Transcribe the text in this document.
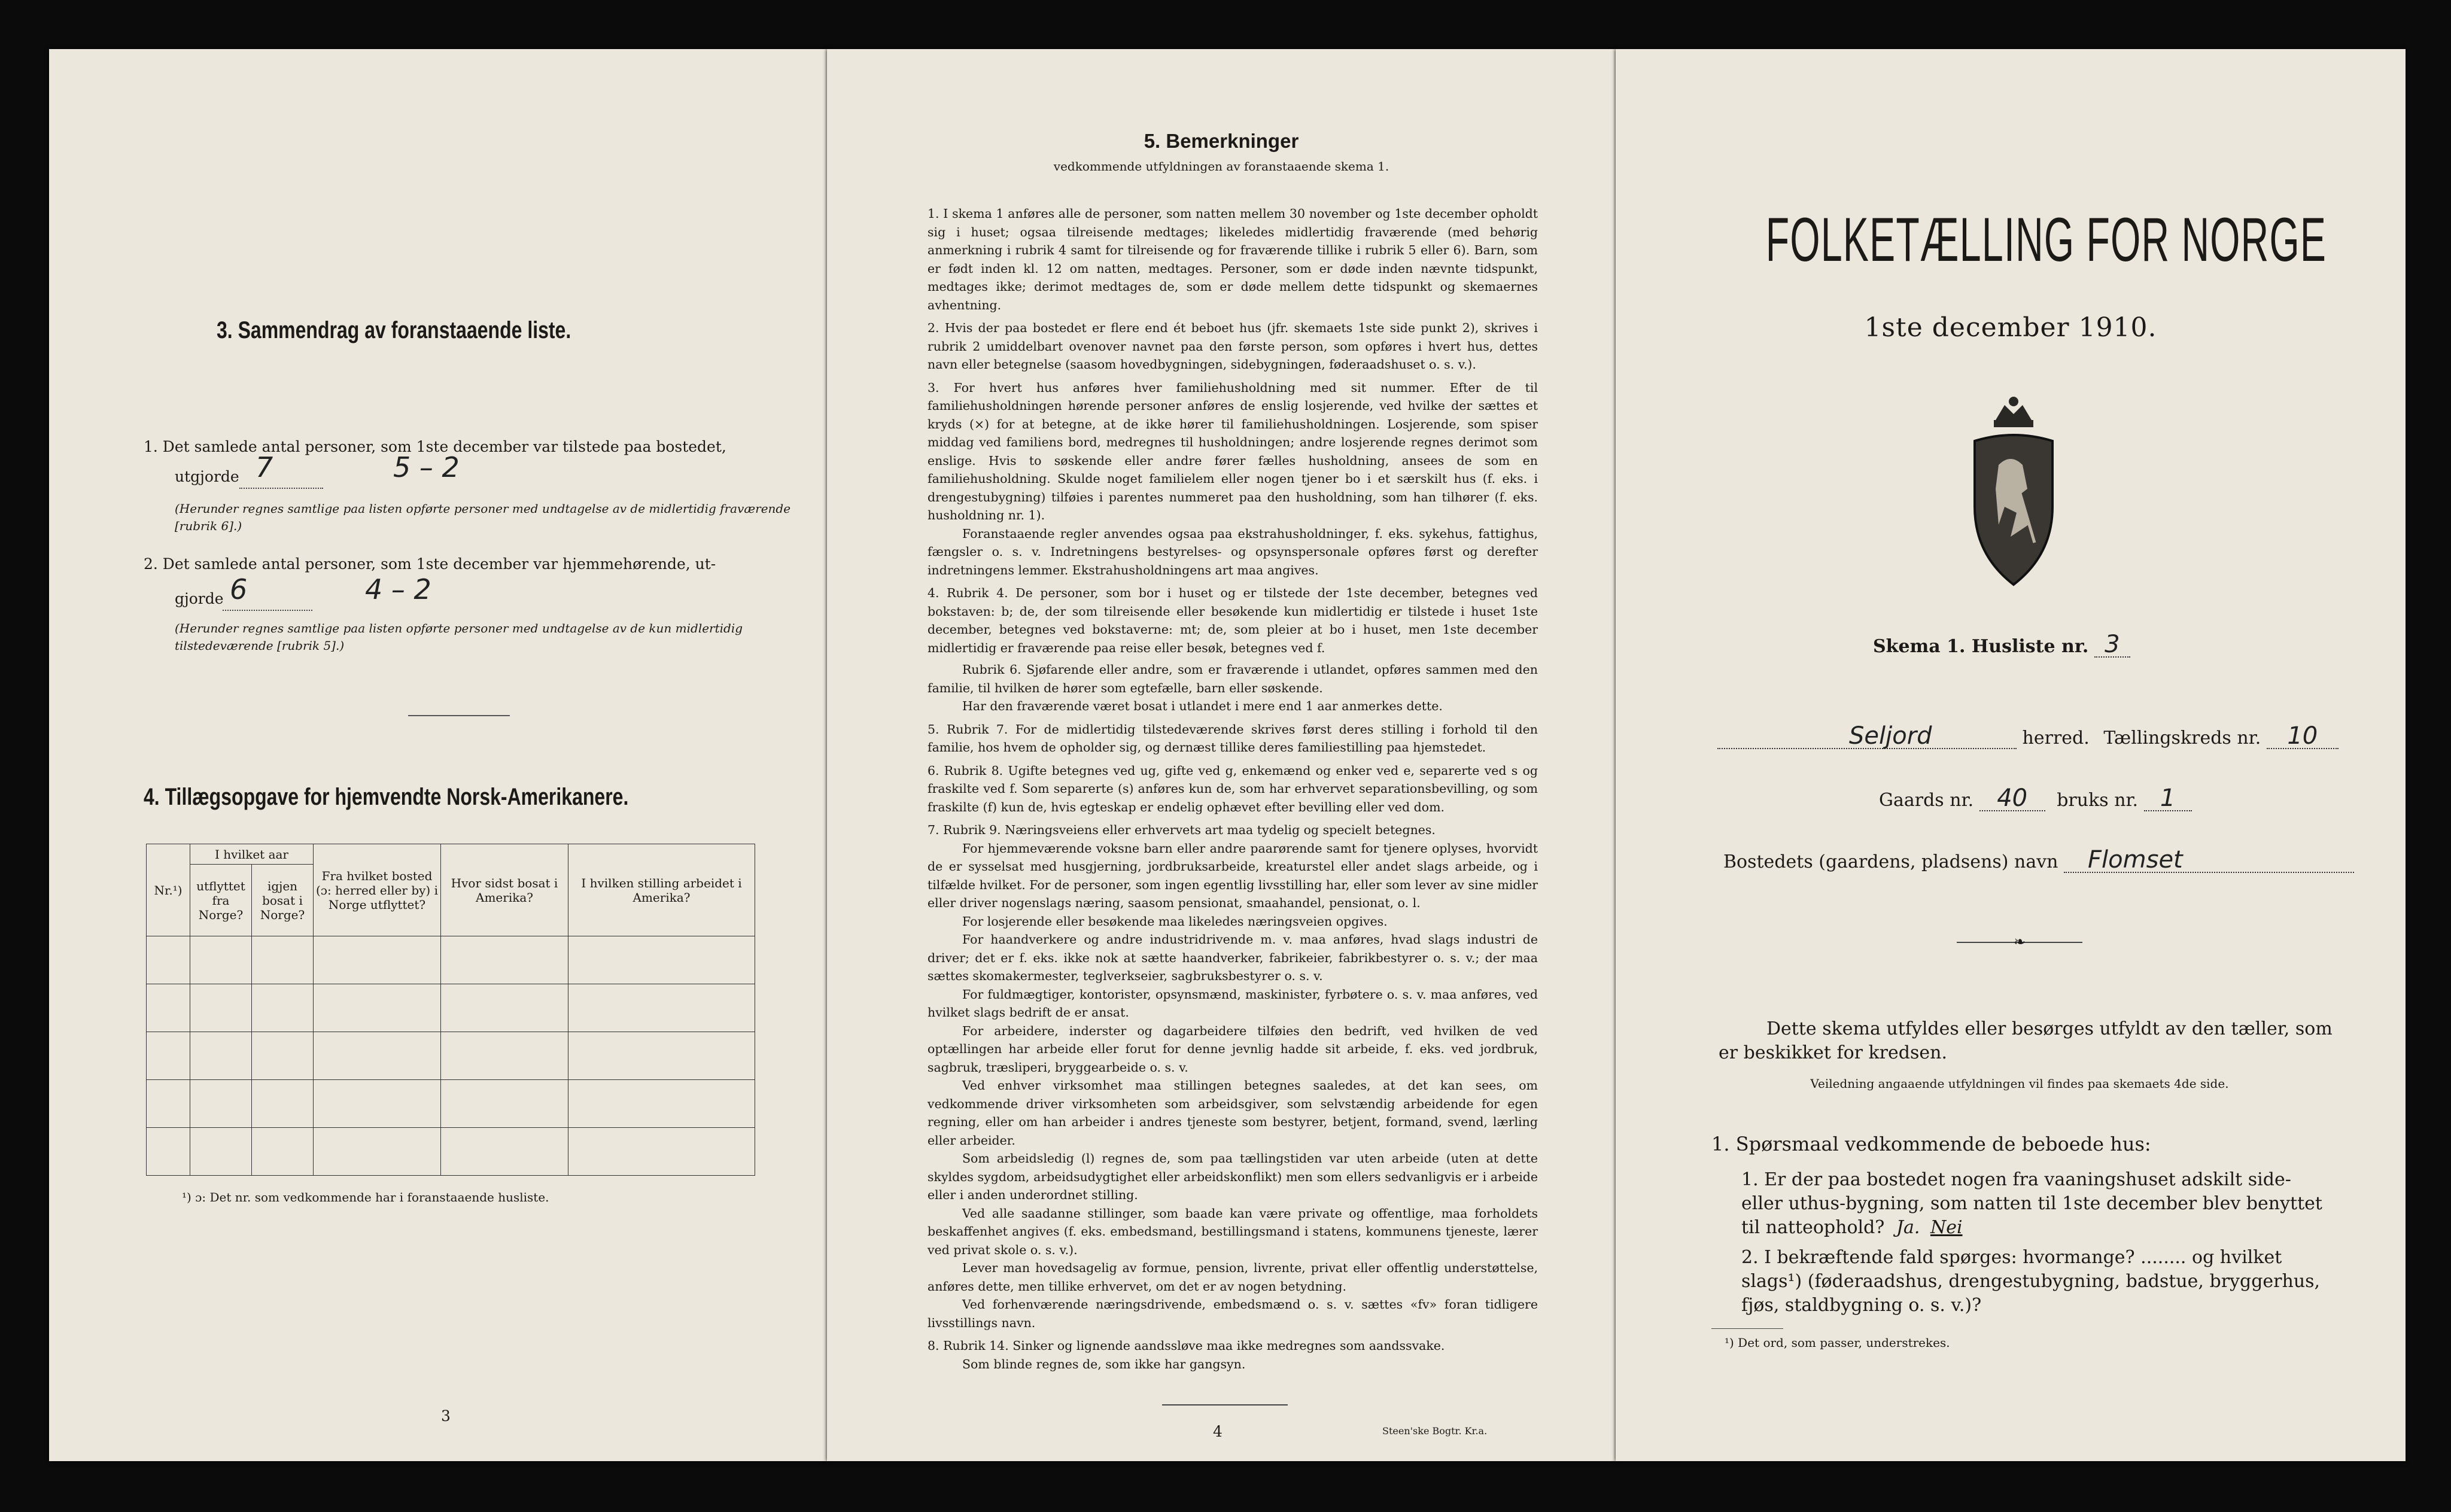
3. Sammendrag av foranstaaende liste.
1. Det samlede antal personer, som 1ste december var tilstede paa bostedet,
utgjorde 7	5 – 2
(Herunder regnes samtlige paa listen opførte personer med undtagelse av de midlertidig fraværende [rubrik 6].)
2. Det samlede antal personer, som 1ste december var hjemmehørende, ut-
gjorde 6	4 – 2
(Herunder regnes samtlige paa listen opførte personer med undtagelse av de kun midlertidig tilstedeværende [rubrik 5].)
4. Tillægsopgave for hjemvendte Norsk-Amerikanere.
Nr.¹)	I hvilket aar		Fra hvilket bosted (ɔ: herred eller by) i Norge utflyttet?	Hvor sidst bosat i Amerika?	I hvilken stilling arbeidet i Amerika?
	utflyttet fra Norge?	igjen bosat i Norge?			

¹) ɔ: Det nr. som vedkommende har i foranstaaende husliste.
3
5. Bemerkninger
vedkommende utfyldningen av foranstaaende skema 1.

1. I skema 1 anføres alle de personer, som natten mellem 30 november og 1ste december opholdt sig i huset; ogsaa tilreisende medtages; likeledes midlertidig fraværende (med behørig anmerkning i rubrik 4 samt for tilreisende og for fraværende tillike i rubrik 5 eller 6). Barn, som er født inden kl. 12 om natten, medtages. Personer, som er døde inden nævnte tidspunkt, medtages ikke; derimot medtages de, som er døde mellem dette tidspunkt og skemaernes avhentning.

2. Hvis der paa bostedet er flere end ét beboet hus (jfr. skemaets 1ste side punkt 2), skrives i rubrik 2 umiddelbart ovenover navnet paa den første person, som opføres i hvert hus, dettes navn eller betegnelse (saasom hovedbygningen, sidebygningen, føderaadshuset o. s. v.).

3. For hvert hus anføres hver familiehusholdning med sit nummer. Efter de til familiehusholdningen hørende personer anføres de enslig losjerende, ved hvilke der sættes et kryds (×) for at betegne, at de ikke hører til familiehusholdningen. Losjerende, som spiser middag ved familiens bord, medregnes til husholdningen; andre losjerende regnes derimot som enslige. Hvis to søskende eller andre fører fælles husholdning, ansees de som en familiehusholdning. Skulde noget familielem eller nogen tjener bo i et særskilt hus (f. eks. i drengestubygning) tilføies i parentes nummeret paa den husholdning, som han tilhører (f. eks. husholdning nr. 1).

Foranstaaende regler anvendes ogsaa paa ekstrahusholdninger, f. eks. sykehus, fattighus, fængsler o. s. v. Indretningens bestyrelses- og opsynspersonale opføres først og derefter indretningens lemmer. Ekstrahusholdningens art maa angives.

4. Rubrik 4. De personer, som bor i huset og er tilstede der 1ste december, betegnes ved bokstaven: b; de, der som tilreisende eller besøkende kun midlertidig er tilstede i huset 1ste december, betegnes ved bokstaverne: mt; de, som pleier at bo i huset, men 1ste december midlertidig er fraværende paa reise eller besøk, betegnes ved f.

Rubrik 6. Sjøfarende eller andre, som er fraværende i utlandet, opføres sammen med den familie, til hvilken de hører som egtefælle, barn eller søskende.

Har den fraværende været bosat i utlandet i mere end 1 aar anmerkes dette.

5. Rubrik 7. For de midlertidig tilstedeværende skrives først deres stilling i forhold til den familie, hos hvem de opholder sig, og dernæst tillike deres familiestilling paa hjemstedet.

6. Rubrik 8. Ugifte betegnes ved ug, gifte ved g, enkemænd og enker ved e, separerte ved s og fraskilte ved f. Som separerte (s) anføres kun de, som har erhvervet separationsbevilling, og som fraskilte (f) kun de, hvis egteskap er endelig ophævet efter bevilling eller ved dom.

7. Rubrik 9. Næringsveiens eller erhvervets art maa tydelig og specielt betegnes.

For hjemmeværende voksne barn eller andre paarørende samt for tjenere oplyses, hvorvidt de er sysselsat med husgjerning, jordbruksarbeide, kreaturstel eller andet slags arbeide, og i tilfælde hvilket. For de personer, som ingen egentlig livsstilling har, eller som lever av sine midler eller driver nogenslags næring, saasom pensionat, smaahandel, pensionat, o. l.

For losjerende eller besøkende maa likeledes næringsveien opgives.

For haandverkere og andre industridrivende m. v. maa anføres, hvad slags industri de driver; det er f. eks. ikke nok at sætte haandverker, fabrikeier, fabrikbestyrer o. s. v.; der maa sættes skomakermester, teglverkseier, sagbruksbestyrer o. s. v.

For fuldmægtiger, kontorister, opsynsmænd, maskinister, fyrbøtere o. s. v. maa anføres, ved hvilket slags bedrift de er ansat.

For arbeidere, inderster og dagarbeidere tilføies den bedrift, ved hvilken de ved optællingen har arbeide eller forut for denne jevnlig hadde sit arbeide, f. eks. ved jordbruk, sagbruk, træsliperi, bryggearbeide o. s. v.

Ved enhver virksomhet maa stillingen betegnes saaledes, at det kan sees, om vedkommende driver virksomheten som arbeidsgiver, som selvstændig arbeidende for egen regning, eller om han arbeider i andres tjeneste som bestyrer, betjent, formand, svend, lærling eller arbeider.

Som arbeidsledig (l) regnes de, som paa tællingstiden var uten arbeide (uten at dette skyldes sygdom, arbeidsudygtighet eller arbeidskonflikt) men som ellers sedvanligvis er i arbeide eller i anden underordnet stilling.

Ved alle saadanne stillinger, som baade kan være private og offentlige, maa forholdets beskaffenhet angives (f. eks. embedsmand, bestillingsmand i statens, kommunens tjeneste, lærer ved privat skole o. s. v.).

Lever man hovedsagelig av formue, pension, livrente, privat eller offentlig understøttelse, anføres dette, men tillike erhvervet, om det er av nogen betydning.

Ved forhenværende næringsdrivende, embedsmænd o. s. v. sættes «fv» foran tidligere livsstillings navn.

8. Rubrik 14. Sinker og lignende aandssløve maa ikke medregnes som aandssvake.

Som blinde regnes de, som ikke har gangsyn.

4	Steen'ske Bogtr. Kr.a.
FOLKETÆLLING FOR NORGE
1ste december 1910.
Skema 1. Husliste nr. 3
Seljord	herred. Tællingskreds nr. 10
Gaards nr. 40 bruks nr. 1
Bostedets (gaardens, pladsens) navn Flomset
❧
Dette skema utfyldes eller besørges utfyldt av den tæller, som er beskikket for kredsen.
Veiledning angaaende utfyldningen vil findes paa skemaets 4de side.
1. Spørsmaal vedkommende de beboede hus:
1. Er der paa bostedet nogen fra vaaningshuset adskilt side- eller uthus-bygning, som natten til 1ste december blev benyttet til natteophold? Ja. Nei
2. I bekræftende fald spørges: hvormange? ........ og hvilket slags¹) (føderaadshus, drengestubygning, badstue, bryggerhus, fjøs, staldbygning o. s. v.)?
¹) Det ord, som passer, understrekes.
